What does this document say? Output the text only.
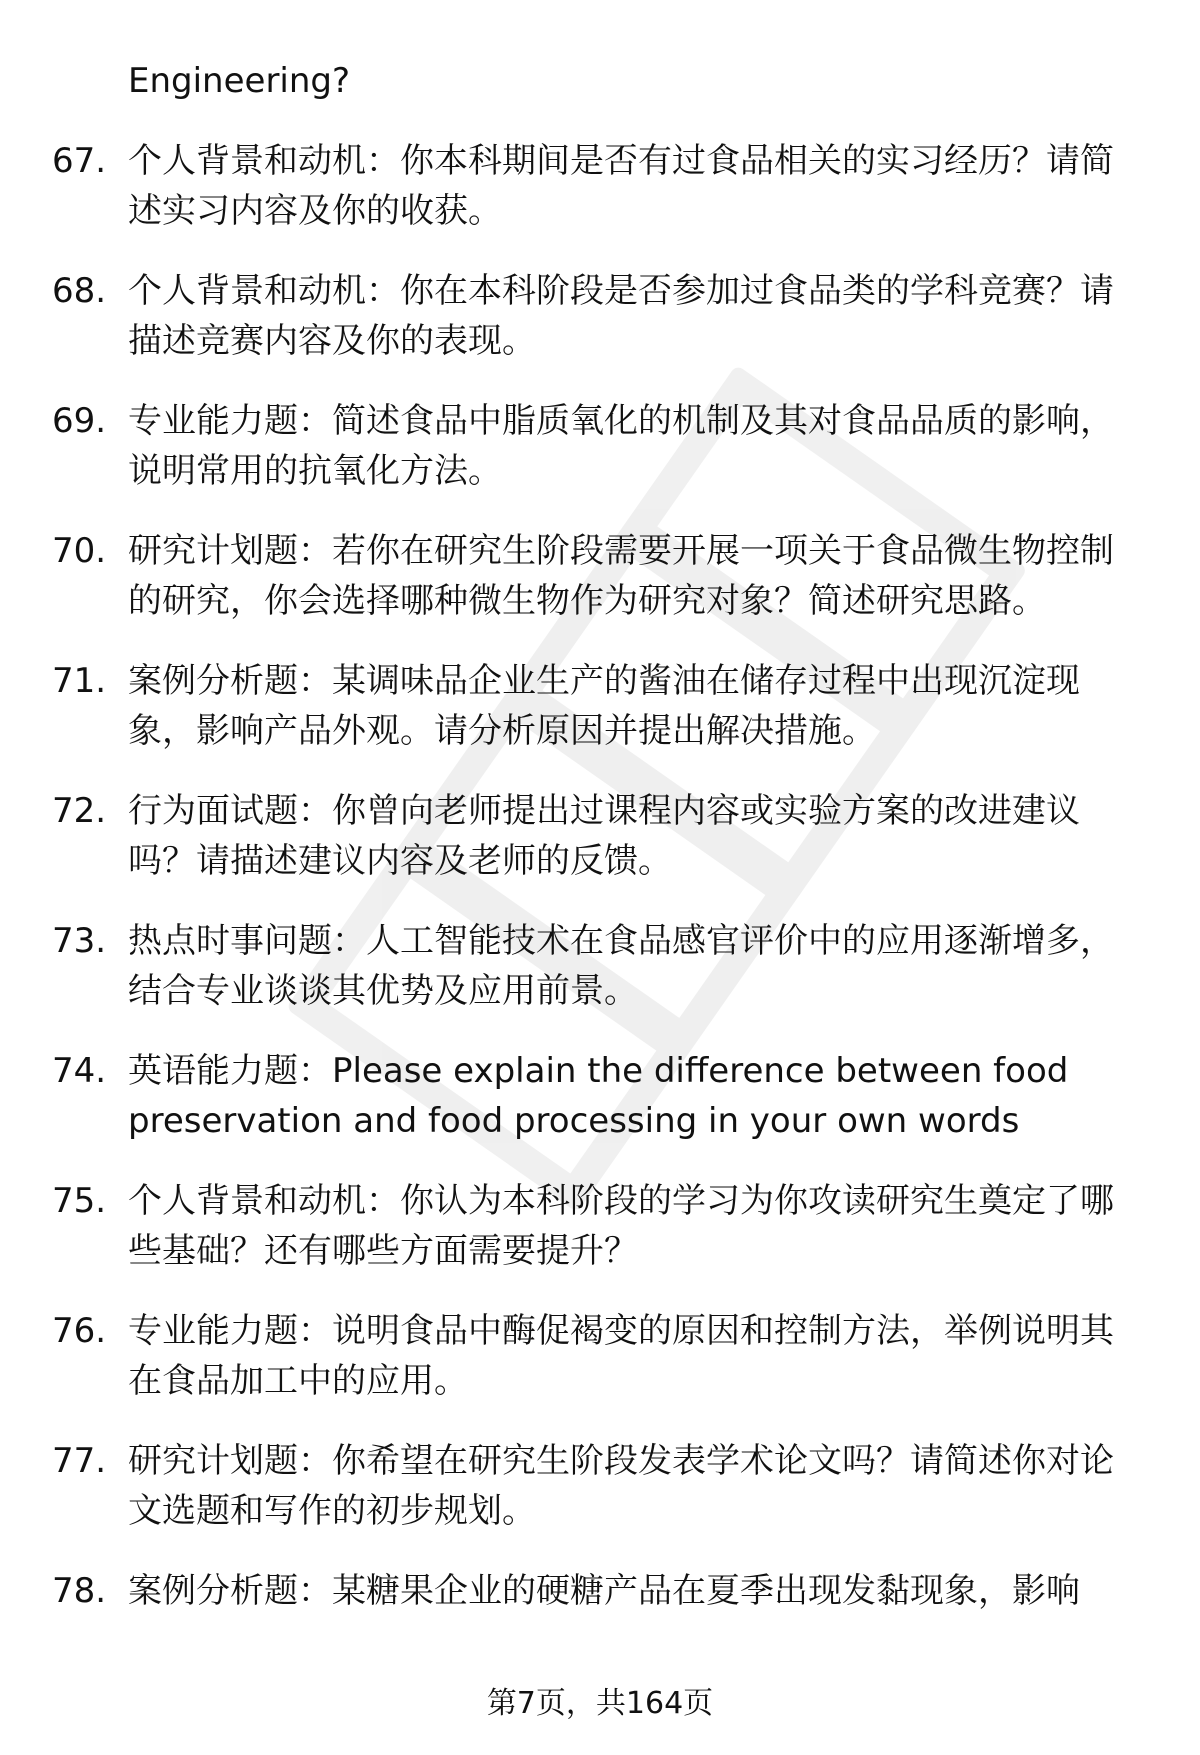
Engineering?
67. 个人背景和动机：你本科期间是否有过食品相关的实习经历？请简述实习内容及你的收获。
68. 个人背景和动机：你在本科阶段是否参加过食品类的学科竞赛？请描述竞赛内容及你的表现。
69. 专业能力题：简述食品中脂质氧化的机制及其对食品品质的影响，说明常用的抗氧化方法。
70. 研究计划题：若你在研究生阶段需要开展一项关于食品微生物控制的研究，你会选择哪种微生物作为研究对象？简述研究思路。
71. 案例分析题：某调味品企业生产的酱油在储存过程中出现沉淀现象，影响产品外观。请分析原因并提出解决措施。
72. 行为面试题：你曾向老师提出过课程内容或实验方案的改进建议吗？请描述建议内容及老师的反馈。
73. 热点时事问题：人工智能技术在食品感官评价中的应用逐渐增多，结合专业谈谈其优势及应用前景。
74. 英语能力题：Please explain the difference between food preservation and food processing in your own words
75. 个人背景和动机：你认为本科阶段的学习为你攻读研究生奠定了哪些基础？还有哪些方面需要提升？
76. 专业能力题：说明食品中酶促褐变的原因和控制方法，举例说明其在食品加工中的应用。
77. 研究计划题：你希望在研究生阶段发表学术论文吗？请简述你对论文选题和写作的初步规划。
78. 案例分析题：某糖果企业的硬糖产品在夏季出现发黏现象，影响
第7页，共164页
